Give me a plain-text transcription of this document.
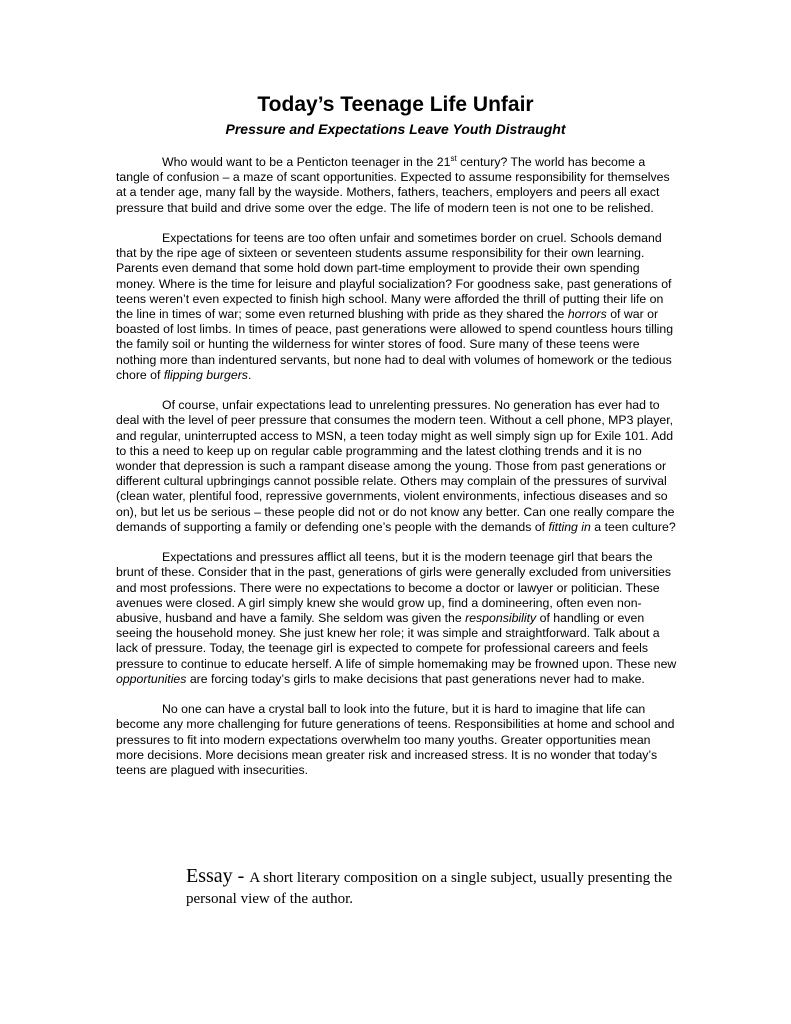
Today’s Teenage Life Unfair
Pressure and Expectations Leave Youth Distraught

Who would want to be a Penticton teenager in the 21st century? The world has become a tangle of confusion – a maze of scant opportunities. Expected to assume responsibility for themselves at a tender age, many fall by the wayside. Mothers, fathers, teachers, employers and peers all exact pressure that build and drive some over the edge. The life of modern teen is not one to be relished.

Expectations for teens are too often unfair and sometimes border on cruel. Schools demand that by the ripe age of sixteen or seventeen students assume responsibility for their own learning. Parents even demand that some hold down part-time employment to provide their own spending money. Where is the time for leisure and playful socialization? For goodness sake, past generations of teens weren’t even expected to finish high school. Many were afforded the thrill of putting their life on the line in times of war; some even returned blushing with pride as they shared the horrors of war or boasted of lost limbs. In times of peace, past generations were allowed to spend countless hours tilling the family soil or hunting the wilderness for winter stores of food. Sure many of these teens were nothing more than indentured servants, but none had to deal with volumes of homework or the tedious chore of flipping burgers.

Of course, unfair expectations lead to unrelenting pressures. No generation has ever had to deal with the level of peer pressure that consumes the modern teen. Without a cell phone, MP3 player, and regular, uninterrupted access to MSN, a teen today might as well simply sign up for Exile 101. Add to this a need to keep up on regular cable programming and the latest clothing trends and it is no wonder that depression is such a rampant disease among the young. Those from past generations or different cultural upbringings cannot possible relate. Others may complain of the pressures of survival (clean water, plentiful food, repressive governments, violent environments, infectious diseases and so on), but let us be serious – these people did not or do not know any better. Can one really compare the demands of supporting a family or defending one’s people with the demands of fitting in a teen culture?

Expectations and pressures afflict all teens, but it is the modern teenage girl that bears the brunt of these. Consider that in the past, generations of girls were generally excluded from universities and most professions. There were no expectations to become a doctor or lawyer or politician. These avenues were closed. A girl simply knew she would grow up, find a domineering, often even non-abusive, husband and have a family. She seldom was given the responsibility of handling or even seeing the household money. She just knew her role; it was simple and straightforward. Talk about a lack of pressure. Today, the teenage girl is expected to compete for professional careers and feels pressure to continue to educate herself. A life of simple homemaking may be frowned upon. These new opportunities are forcing today’s girls to make decisions that past generations never had to make.

No one can have a crystal ball to look into the future, but it is hard to imagine that life can become any more challenging for future generations of teens. Responsibilities at home and school and pressures to fit into modern expectations overwhelm too many youths. Greater opportunities mean more decisions. More decisions mean greater risk and increased stress. It is no wonder that today’s teens are plagued with insecurities.

Essay - A short literary composition on a single subject, usually presenting the personal view of the author.
